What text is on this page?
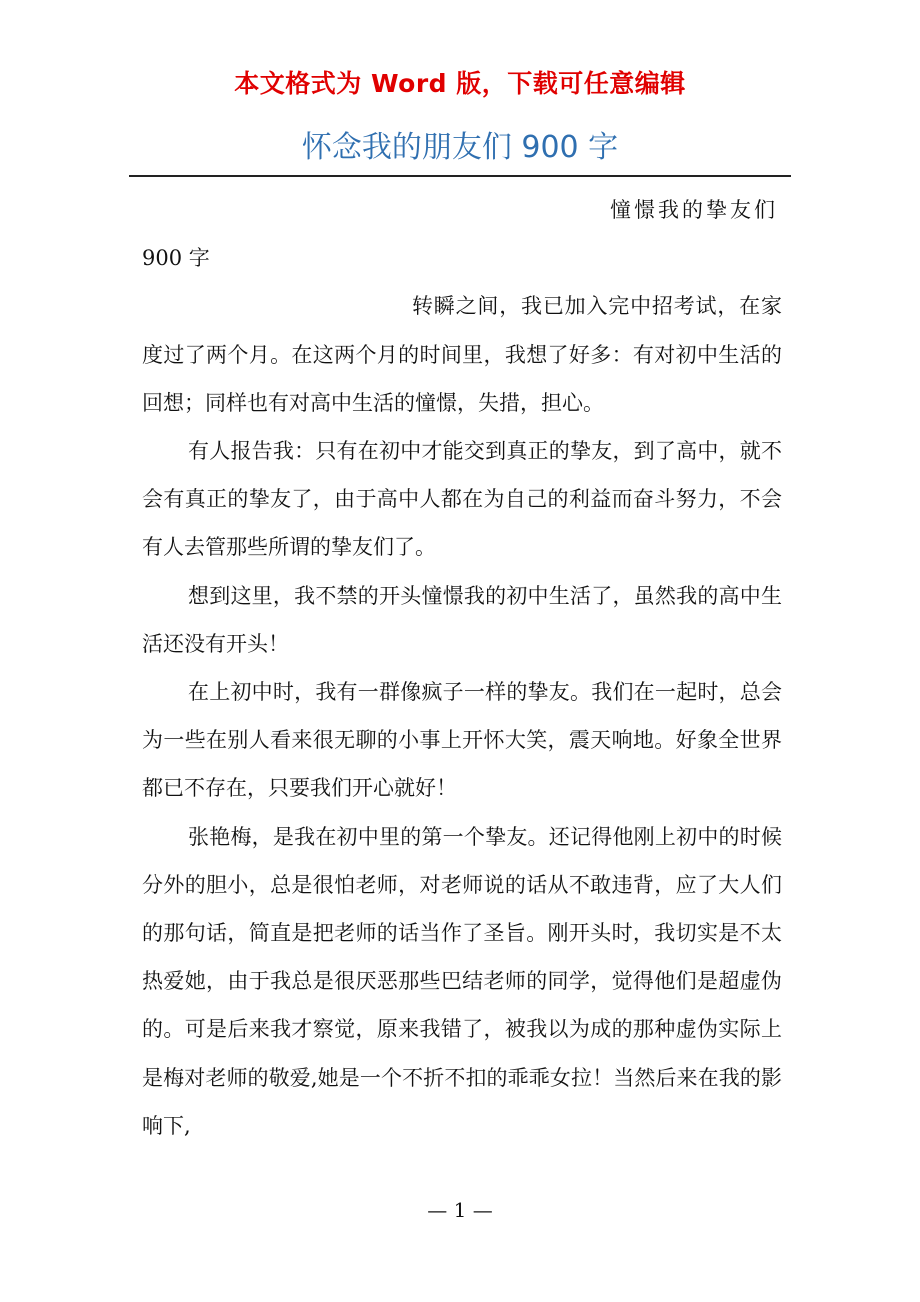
本文格式为 Word 版，下载可任意编辑
怀念我的朋友们 900 字

憧憬我的挚友们

900 字

转瞬之间，我已加入完中招考试，在家度过了两个月。在这两个月的时间里，我想了好多：有对初中生活的回想；同样也有对高中生活的憧憬，失措，担心。

有人报告我：只有在初中才能交到真正的挚友，到了高中，就不会有真正的挚友了，由于高中人都在为自己的利益而奋斗努力，不会有人去管那些所谓的挚友们了。

想到这里，我不禁的开头憧憬我的初中生活了，虽然我的高中生活还没有开头！

在上初中时，我有一群像疯子一样的挚友。我们在一起时，总会为一些在别人看来很无聊的小事上开怀大笑，震天响地。好象全世界都已不存在，只要我们开心就好！

张艳梅，是我在初中里的第一个挚友。还记得他刚上初中的时候分外的胆小，总是很怕老师，对老师说的话从不敢违背，应了大人们的那句话，简直是把老师的话当作了圣旨。刚开头时，我切实是不太热爱她，由于我总是很厌恶那些巴结老师的同学，觉得他们是超虚伪的。可是后来我才察觉，原来我错了，被我以为成的那种虚伪实际上是梅对老师的敬爱,她是一个不折不扣的乖乖女拉！当然后来在我的影响下,

— 1 —
